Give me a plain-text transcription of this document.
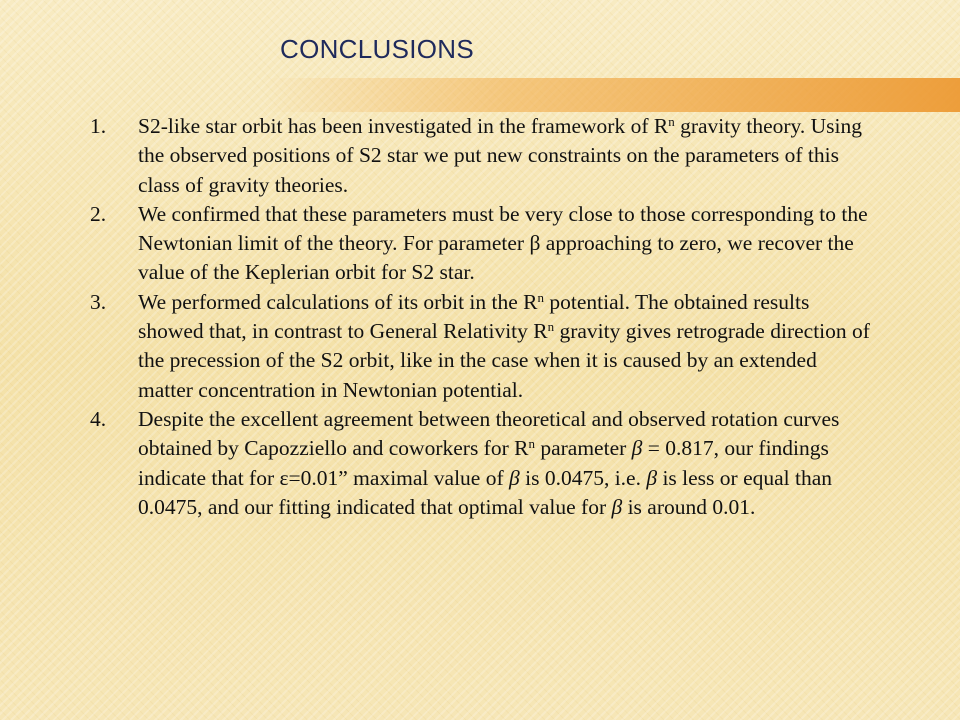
CONCLUSIONS
1. S2-like star orbit has been investigated in the framework of $R^n$ gravity theory. Using the observed positions of S2 star we put new constraints on the parameters of this class of gravity theories.
2. We confirmed that these parameters must be very close to those corresponding to the Newtonian limit of the theory. For parameter β approaching to zero, we recover the value of the Keplerian orbit for S2 star.
3. We performed calculations of its orbit in the $R^n$ potential. The obtained results showed that, in contrast to General Relativity $R^n$ gravity gives retrograde direction of the precession of the S2 orbit, like in the case when it is caused by an extended matter concentration in Newtonian potential.
4. Despite the excellent agreement between theoretical and observed rotation curves obtained by Capozziello and coworkers for $R^n$ parameter β = 0.817, our findings indicate that for ε=0.01” maximal value of β is 0.0475, i.e. β is less or equal than 0.0475, and our fitting indicated that optimal value for β is around 0.01.
